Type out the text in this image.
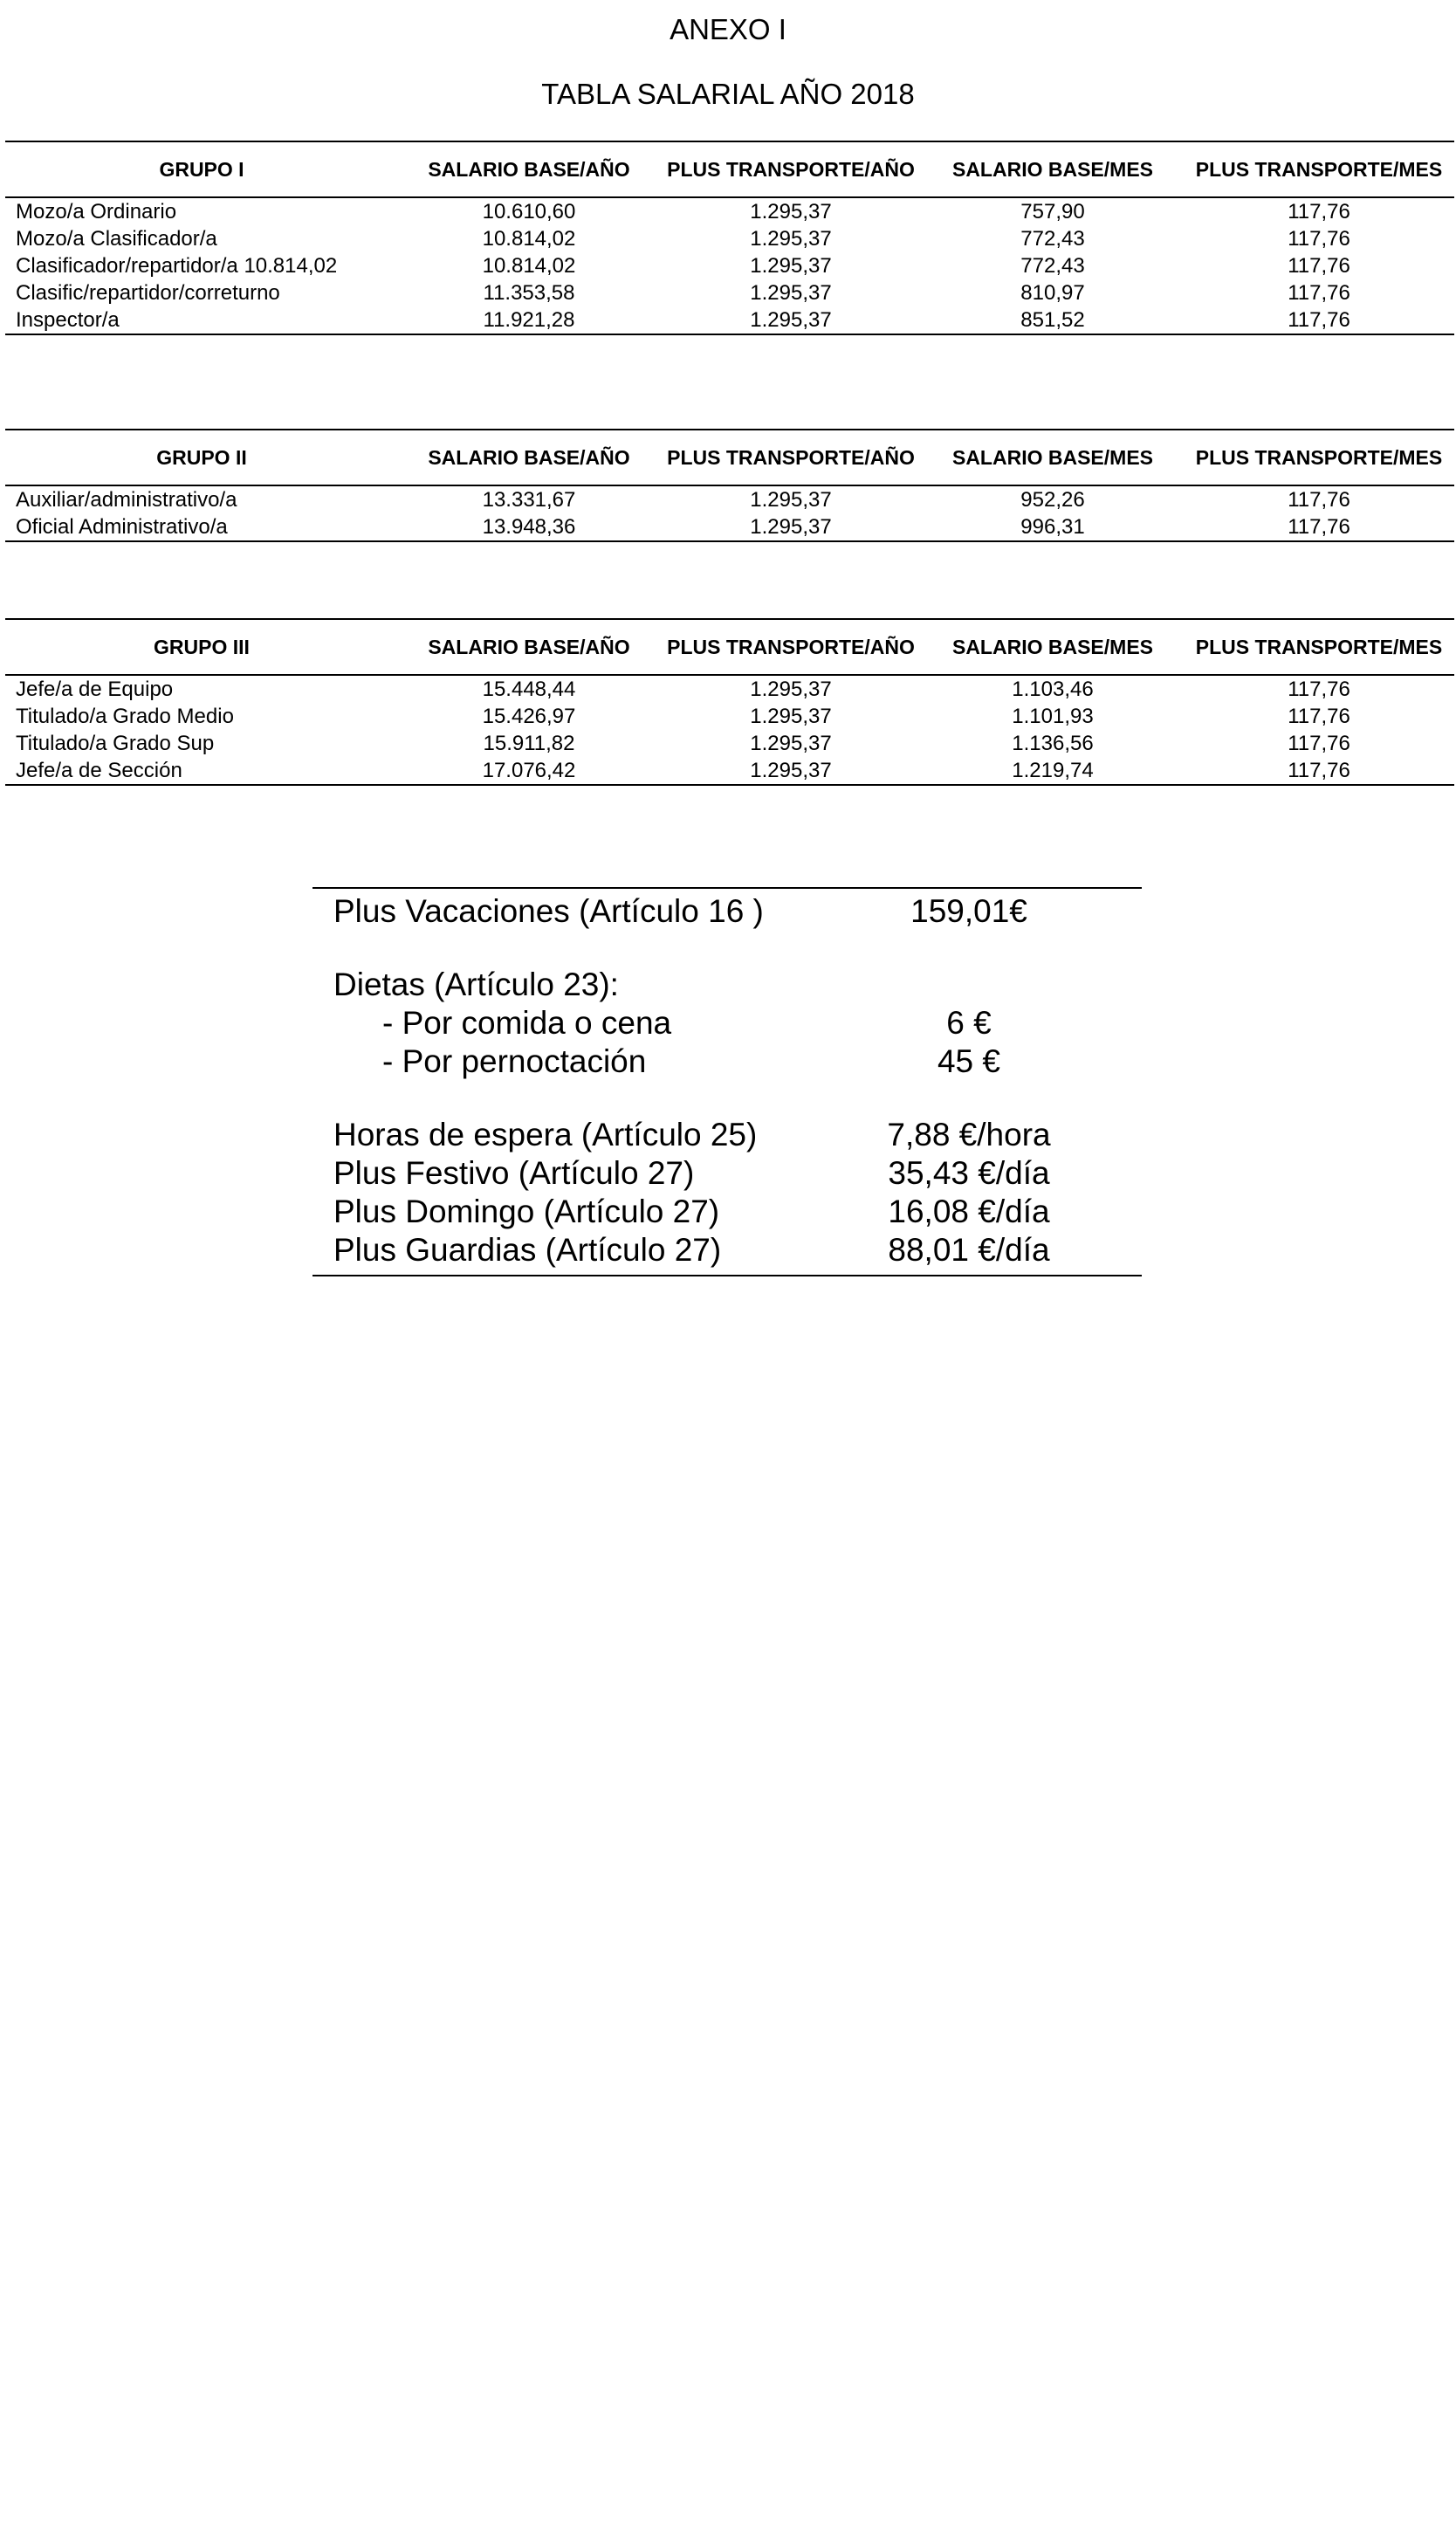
ANEXO I
TABLA SALARIAL AÑO 2018
GRUPO I	SALARIO BASE/AÑO	PLUS TRANSPORTE/AÑO	SALARIO BASE/MES	PLUS TRANSPORTE/MES
Mozo/a Ordinario	10.610,60	1.295,37	757,90	117,76
Mozo/a Clasificador/a	10.814,02	1.295,37	772,43	117,76
Clasificador/repartidor/a 10.814,02	10.814,02	1.295,37	772,43	117,76
Clasific/repartidor/correturno	11.353,58	1.295,37	810,97	117,76
Inspector/a	11.921,28	1.295,37	851,52	117,76
GRUPO II	SALARIO BASE/AÑO	PLUS TRANSPORTE/AÑO	SALARIO BASE/MES	PLUS TRANSPORTE/MES
Auxiliar/administrativo/a	13.331,67	1.295,37	952,26	117,76
Oficial Administrativo/a	13.948,36	1.295,37	996,31	117,76
GRUPO III	SALARIO BASE/AÑO	PLUS TRANSPORTE/AÑO	SALARIO BASE/MES	PLUS TRANSPORTE/MES
Jefe/a de Equipo	15.448,44	1.295,37	1.103,46	117,76
Titulado/a Grado Medio	15.426,97	1.295,37	1.101,93	117,76
Titulado/a Grado Sup	15.911,82	1.295,37	1.136,56	117,76
Jefe/a de Sección	17.076,42	1.295,37	1.219,74	117,76
Plus Vacaciones (Artículo 16 )	159,01€
Dietas (Artículo 23):
- Por comida o cena	6 €
- Por pernoctación	45 €
Horas de espera (Artículo 25)	7,88 €/hora
Plus Festivo (Artículo 27)	35,43 €/día
Plus Domingo (Artículo 27)	16,08 €/día
Plus Guardias (Artículo 27)	88,01 €/día
